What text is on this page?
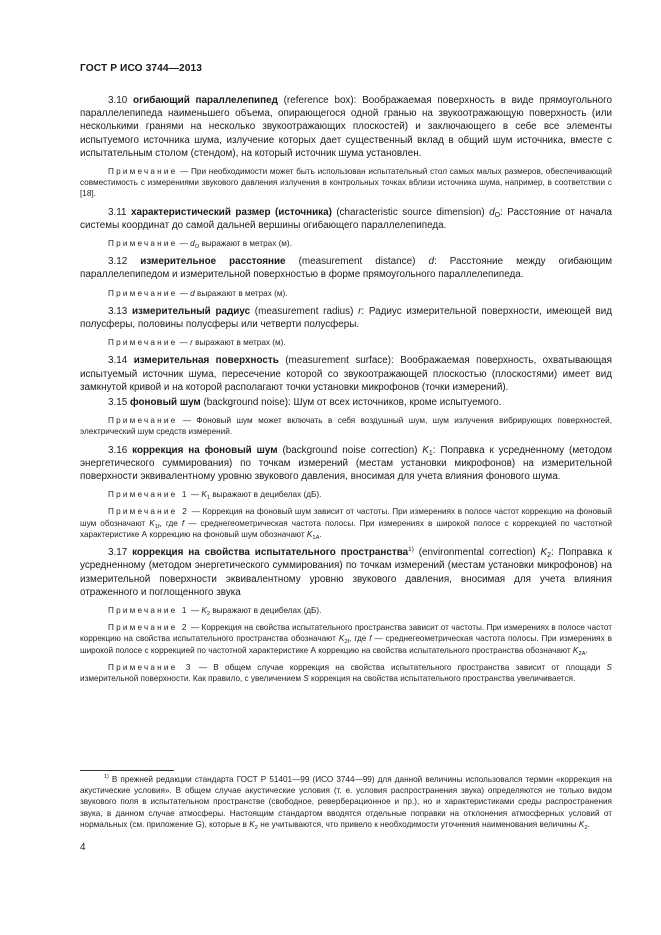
ГОСТ Р ИСО 3744—2013

3.10 огибающий параллелепипед (reference box): Воображаемая поверхность в виде прямоугольного параллелепипеда наименьшего объема, опирающегося одной гранью на звукоотражающую поверхность (или несколькими гранями на несколько звукоотражающих плоскостей) и заключающего в себе все элементы испытуемого источника шума, излучение которых дает существенный вклад в общий шум источника, вместе с испытательным столом (стендом), на который источник шума установлен.

Примечание — При необходимости может быть использован испытательный стол самых малых размеров, обеспечивающий совместимость с измерениями звукового давления излучения в контрольных точках вблизи источника шума, например, в соответствии с [18].

3.11 характеристический размер (источника) (characteristic source dimension) $d_O$: Расстояние от начала системы координат до самой дальней вершины огибающего параллелепипеда.

Примечание — $d_O$ выражают в метрах (м).

3.12 измерительное расстояние (measurement distance) d: Расстояние между огибающим параллелепипедом и измерительной поверхностью в форме прямоугольного параллелепипеда.

Примечание — d выражают в метрах (м).

3.13 измерительный радиус (measurement radius) r: Радиус измерительной поверхности, имеющей вид полусферы, половины полусферы или четверти полусферы.

Примечание — r выражают в метрах (м).

3.14 измерительная поверхность (measurement surface): Воображаемая поверхность, охватывающая испытуемый источник шума, пересечение которой со звукоотражающей плоскостью (плоскостями) имеет вид замкнутой кривой и на которой располагают точки установки микрофонов (точки измерений).

3.15 фоновый шум (background noise): Шум от всех источников, кроме испытуемого.

Примечание — Фоновый шум может включать в себя воздушный шум, шум излучения вибрирующих поверхностей, электрический шум средств измерений.

3.16 коррекция на фоновый шум (background noise correction) $K_1$: Поправка к усредненному (методом энергетического суммирования) по точкам измерений (местам установки микрофонов) на измерительной поверхности эквивалентному уровню звукового давления, вносимая для учета влияния фонового шума.

Примечание 1 — $K_1$ выражают в децибелах (дБ).

Примечание 2 — Коррекция на фоновый шум зависит от частоты. При измерениях в полосе частот коррекцию на фоновый шум обозначают $K_{1f}$, где f — среднегеометрическая частота полосы. При измерениях в широкой полосе с коррекцией по частотной характеристике А коррекцию на фоновый шум обозначают $K_{1A}$.

3.17 коррекция на свойства испытательного пространства$^{1)}$ (environmental correction) $K_2$: Поправка к усредненному (методом энергетического суммирования) по точкам измерений (местам установки микрофонов) на измерительной поверхности эквивалентному уровню звукового давления, вносимая для учета влияния отраженного и поглощенного звука

Примечание 1 — $K_2$ выражают в децибелах (дБ).

Примечание 2 — Коррекция на свойства испытательного пространства зависит от частоты. При измерениях в полосе частот коррекцию на свойства испытательного пространства обозначают $K_{2f}$, где f — среднегеометрическая частота полосы. При измерениях в широкой полосе с коррекцией по частотной характеристике А коррекцию на свойства испытательного пространства обозначают $K_{2A}$.

Примечание 3 — В общем случае коррекция на свойства испытательного пространства зависит от площади S измерительной поверхности. Как правило, с увеличением S коррекция на свойства испытательного пространства увеличивается.

$^{1)}$ В прежней редакции стандарта ГОСТ Р 51401—99 (ИСО 3744—99) для данной величины использовался термин «коррекция на акустические условия». В общем случае акустические условия (т. е. условия распространения звука) определяются не только видом звукового поля в испытательном пространстве (свободное, реверберационное и пр.), но и характеристиками среды распространения звука, в данном случае атмосферы. Настоящим стандартом вводятся отдельные поправки на отклонения атмосферных условий от нормальных (см. приложение G), которые в $K_2$ не учитываются, что привело к необходимости уточнения наименования величины $K_2$.

4
